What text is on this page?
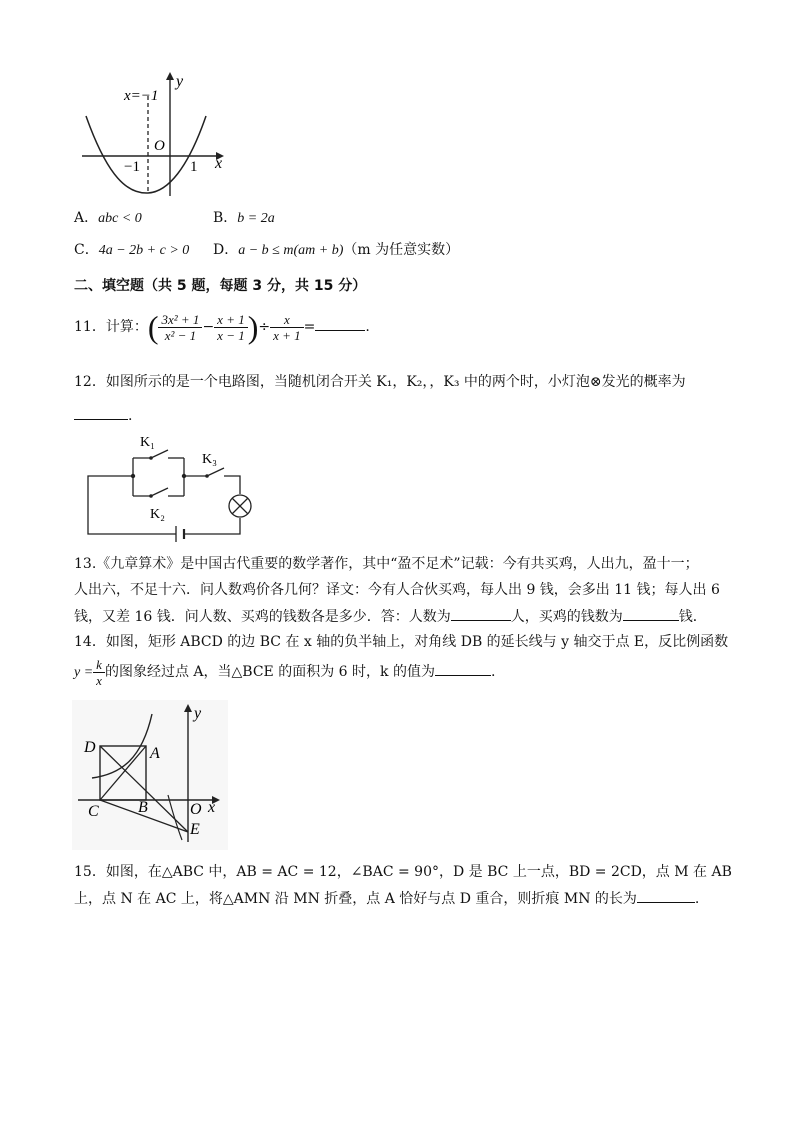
x=−1
y
O
−1	1 x
A．abc < 0	B．b = 2a
C．4a − 2b + c > 0 D．a − b ≤ m(am + b)（m 为任意实数）
二、填空题（共 5 题，每题 3 分，共 15 分）
11．计算：( $\frac{\text{3x² + 1}}{\text{x² − 1}} - \frac{x + 1}{x - 1}$ )÷ $\frac{x}{x + 1}$ =	.
12．如图所示的是一个电路图，当随机闭合开关 K₁，K₂，，K₃ 中的两个时，小灯泡⊗发光的概率为
.
K₁
K₂
K₃
13.《九章算术》是中国古代重要的数学著作，其中“盈不足术”记载：今有共买鸡，人出九，盈十一；
人出六，不足十六．问人数鸡价各几何？译文：今有人合伙买鸡，每人出 9 钱，会多出 11 钱；每人出 6
钱，又差 16 钱．问人数、买鸡的钱数各是多少．答：人数为	人，买鸡的钱数为	钱．
14．如图，矩形 ABCD 的边 BC 在 x 轴的负半轴上，对角线 DB 的延长线与 y 轴交于点 E，反比例函数
$y = \frac{k}{x}$ 的图象经过点 A，当△BCE 的面积为 6 时，k 的值为	.
D	A
C B	O
E
x
y
15．如图，在△ABC 中，AB = AC = 12，∠BAC = 90°，D 是 BC 上一点，BD = 2CD，点 M 在 AB
上，点 N 在 AC 上，将△AMN 沿 MN 折叠，点 A 恰好与点 D 重合，则折痕 MN 的长为	.
